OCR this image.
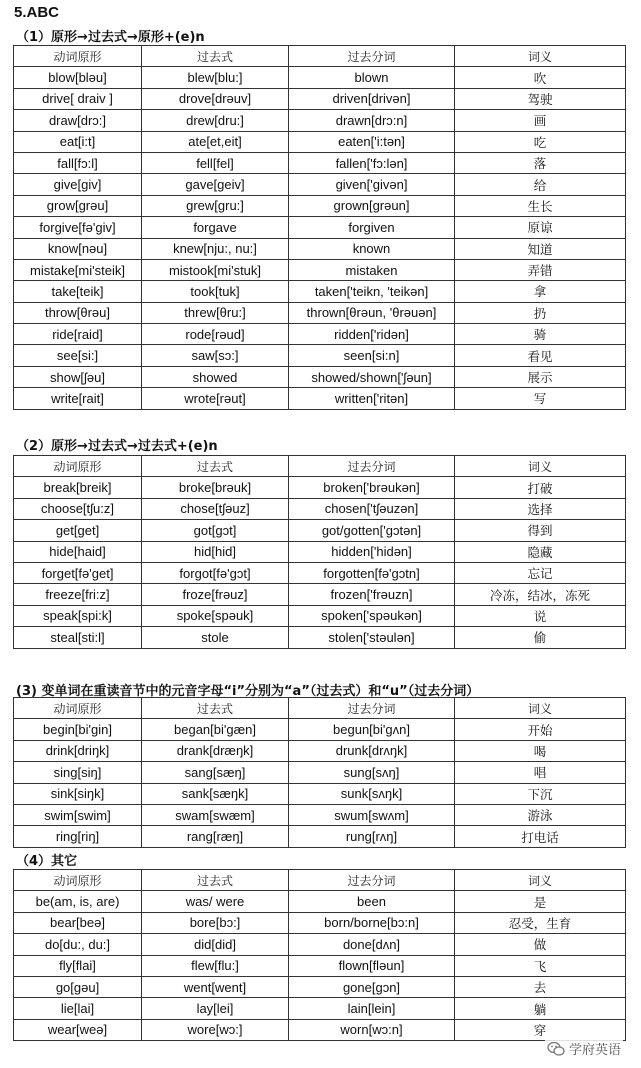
5.ABC
（1）原形→过去式→原形+(e)n
动词原形	过去式	过去分词	词义
blow[bləu]	blew[blu:]	blown	吹
drive[ draiv ]	drove[drəuv]	driven[drivən]	驾驶
draw[drɔ:]	drew[dru:]	drawn[drɔ:n]	画
eat[i:t]	ate[et,eit]	eaten['i:tən]	吃
fall[fɔ:l]	fell[fel]	fallen['fɔ:lən]	落
give[giv]	gave[geiv]	given['givən]	给
grow[grəu]	grew[gru:]	grown[grəun]	生长
forgive[fə'giv]	forgave	forgiven	原谅
know[nəu]	knew[nju:, nu:]	known	知道
mistake[mi'steik]	mistook[mi'stuk]	mistaken	弄错
take[teik]	took[tuk]	taken['teikn, 'teikən]	拿
throw[θrəu]	threw[θru:]	thrown[θrəun, 'θrəuən]	扔
ride[raid]	rode[rəud]	ridden['ridən]	骑
see[si:]	saw[sɔ:]	seen[si:n]	看见
show[ʃəu]	showed	showed/shown['ʃəun]	展示
write[rait]	wrote[rəut]	written['ritən]	写
（2）原形→过去式→过去式+(e)n
动词原形	过去式	过去分词	词义
break[breik]	broke[brəuk]	broken['brəukən]	打破
choose[tʃu:z]	chose[tʃəuz]	chosen['tʃəuzən]	选择
get[get]	got[gɔt]	got/gotten['gɔtən]	得到
hide[haid]	hid[hid]	hidden['hidən]	隐藏
forget[fə'get]	forgot[fə'gɔt]	forgotten[fə'gɔtn]	忘记
freeze[fri:z]	froze[frəuz]	frozen['frəuzn]	冷冻，结冰，冻死
speak[spi:k]	spoke[spəuk]	spoken['spəukən]	说
steal[sti:l]	stole	stolen['stəulən]	偷
(3) 变单词在重读音节中的元音字母“i”分别为“a”（过去式）和“u”（过去分词）
动词原形	过去式	过去分词	词义
begin[bi'gin]	began[bi'gæn]	begun[bi'gʌn]	开始
drink[driŋk]	drank[dræŋk]	drunk[drʌŋk]	喝
sing[siŋ]	sang[sæŋ]	sung[sʌŋ]	唱
sink[siŋk]	sank[sæŋk]	sunk[sʌŋk]	下沉
swim[swim]	swam[swæm]	swum[swʌm]	游泳
ring[riŋ]	rang[ræŋ]	rung[rʌŋ]	打电话
（4）其它
动词原形	过去式	过去分词	词义
be(am, is, are)	was/ were	been	是
bear[beə]	bore[bɔ:]	born/borne[bɔ:n]	忍受，生育
do[du:, du:]	did[did]	done[dʌn]	做
fly[flai]	flew[flu:]	flown[fləun]	飞
go[gəu]	went[went]	gone[gɔn]	去
lie[lai]	lay[lei]	lain[lein]	躺
wear[weə]	wore[wɔ:]	worn[wɔ:n]	穿
学府英语
